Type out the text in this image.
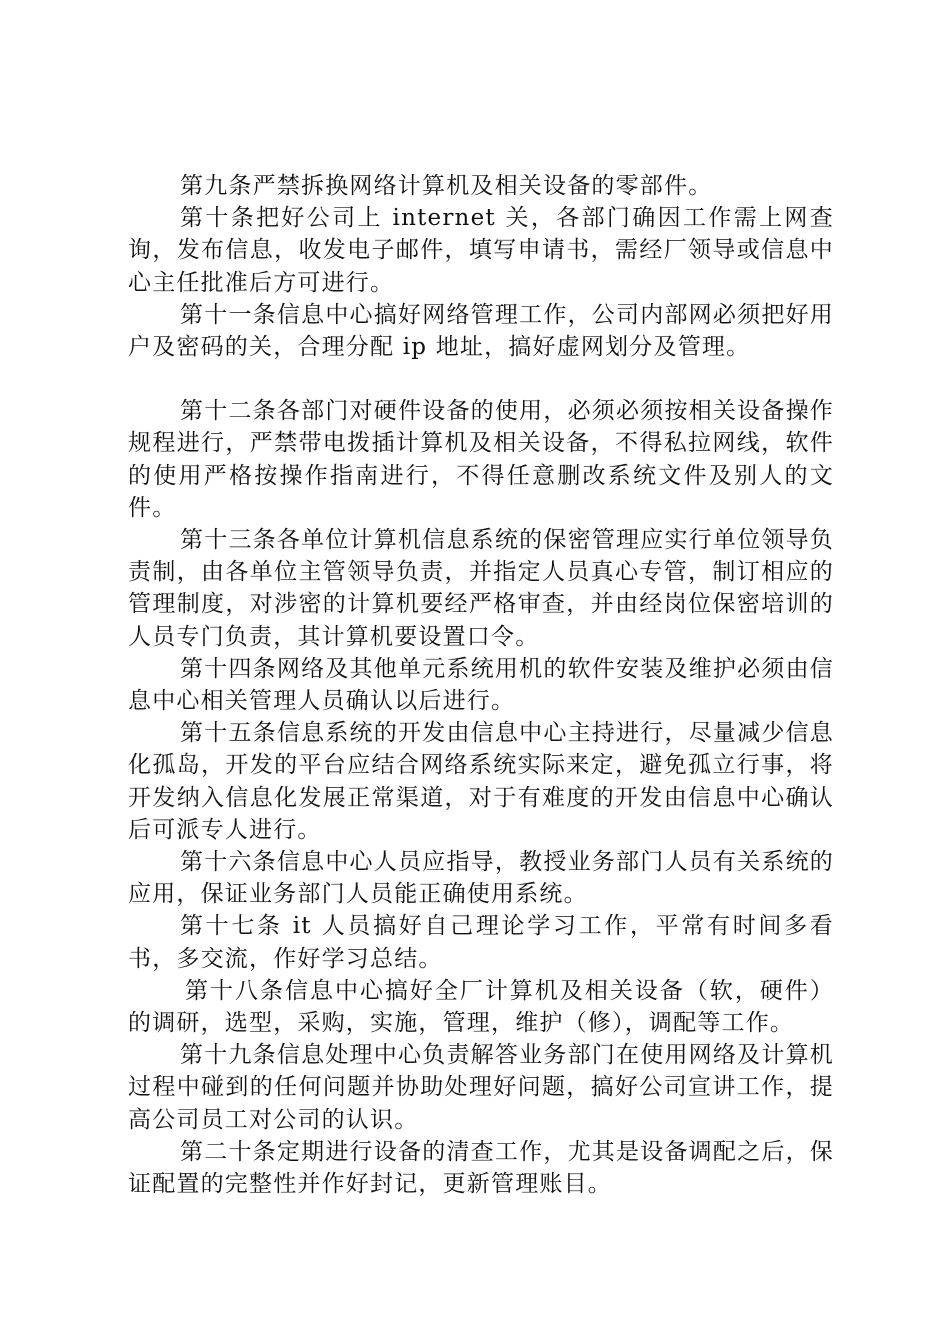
第九条严禁拆换网络计算机及相关设备的零部件。

第十条把好公司上 internet 关，各部门确因工作需上网查询，发布信息，收发电子邮件，填写申请书，需经厂领导或信息中心主任批准后方可进行。

第十一条信息中心搞好网络管理工作，公司内部网必须把好用户及密码的关，合理分配 ip 地址，搞好虚网划分及管理。

第十二条各部门对硬件设备的使用，必须必须按相关设备操作规程进行，严禁带电拨插计算机及相关设备，不得私拉网线，软件的使用严格按操作指南进行，不得任意删改系统文件及别人的文件。

第十三条各单位计算机信息系统的保密管理应实行单位领导负责制，由各单位主管领导负责，并指定人员真心专管，制订相应的管理制度，对涉密的计算机要经严格审查，并由经岗位保密培训的人员专门负责，其计算机要设置口令。

第十四条网络及其他单元系统用机的软件安装及维护必须由信息中心相关管理人员确认以后进行。

第十五条信息系统的开发由信息中心主持进行，尽量减少信息化孤岛，开发的平台应结合网络系统实际来定，避免孤立行事，将开发纳入信息化发展正常渠道，对于有难度的开发由信息中心确认后可派专人进行。

第十六条信息中心人员应指导，教授业务部门人员有关系统的应用，保证业务部门人员能正确使用系统。

第十七条 it 人员搞好自己理论学习工作，平常有时间多看书，多交流，作好学习总结。

第十八条信息中心搞好全厂计算机及相关设备（软，硬件）的调研，选型，采购，实施，管理，维护（修），调配等工作。

第十九条信息处理中心负责解答业务部门在使用网络及计算机过程中碰到的任何问题并协助处理好问题，搞好公司宣讲工作，提高公司员工对公司的认识。

第二十条定期进行设备的清查工作，尤其是设备调配之后，保证配置的完整性并作好封记，更新管理账目。
